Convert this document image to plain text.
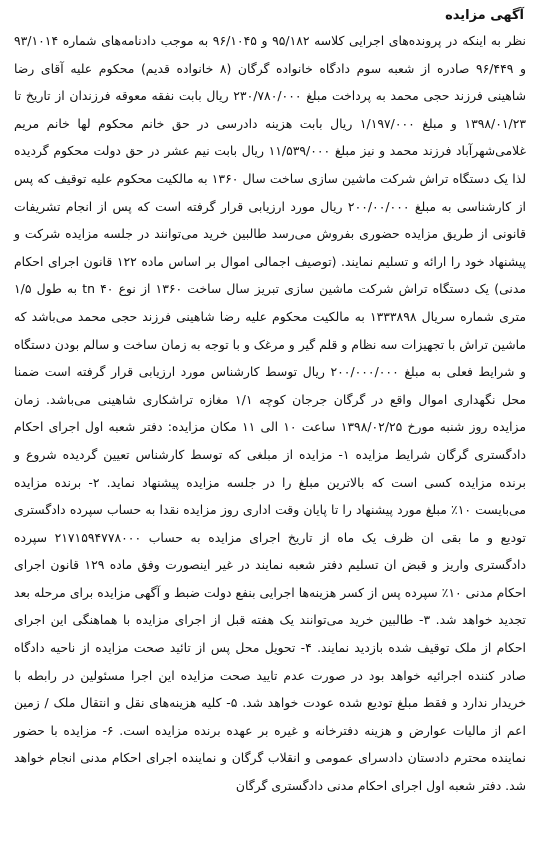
آگهی مزایده

نظر به اینکه در پرونده‌های اجرایی کلاسه ۹۵/۱۸۲ و ۹۶/۱۰۴۵ به موجب دادنامه‌های شماره ۹۳/۱۰۱۴ و ۹۶/۴۴۹ صادره از شعبه سوم دادگاه خانواده گرگان (۸ خانواده قدیم) محکوم علیه آقای رضا شاهینی فرزند حجی محمد به پرداخت مبلغ ۲۳۰/۷۸۰/۰۰۰ ریال بابت نفقه معوقه فرزندان از تاریخ تا ۱۳۹۸/۰۱/۲۳ و مبلغ ۱/۱۹۷/۰۰۰ ریال بابت هزینه دادرسی در حق خانم محکوم لها خانم مریم غلامی‌شهرآباد فرزند محمد و نیز مبلغ ۱۱/۵۳۹/۰۰۰ ریال بابت نیم عشر در حق دولت محکوم گردیده لذا یک دستگاه تراش شرکت ماشین سازی ساخت سال ۱۳۶۰ به مالکیت محکوم علیه توقیف که پس از کارشناسی به مبلغ ۲۰۰/۰۰/۰۰۰ ریال مورد ارزیابی قرار گرفته است که پس از انجام تشریفات قانونی از طریق مزایده حضوری بفروش می‌رسد طالبین خرید می‌توانند در جلسه مزایده شرکت و پیشنهاد خود را ارائه و تسلیم نمایند. (توصیف اجمالی اموال بر اساس ماده ۱۲۲ قانون اجرای احکام مدنی) یک دستگاه تراش شرکت ماشین سازی تبریز سال ساخت ۱۳۶۰ از نوع tn ۴۰ به طول ۱/۵ متری شماره سریال ۱۳۳۳۸۹۸ به مالکیت محکوم علیه رضا شاهینی فرزند حجی محمد می‌باشد که ماشین تراش با تجهیزات سه نظام و قلم گیر و مرغک و با توجه به زمان ساخت و سالم بودن دستگاه و شرایط فعلی به مبلغ ۲۰۰/۰۰۰/۰۰۰ ریال توسط کارشناس مورد ارزیابی قرار گرفته است ضمنا محل نگهداری اموال واقع در گرگان جرجان کوچه ۱/۱ مغازه تراشکاری شاهینی می‌باشد. زمان مزایده روز شنبه مورخ ۱۳۹۸/۰۲/۲۵ ساعت ۱۰ الی ۱۱ مکان مزایده: دفتر شعبه اول اجرای احکام دادگستری گرگان شرایط مزایده ۱- مزایده از مبلغی که توسط کارشناس تعیین گردیده شروع و برنده مزایده کسی است که بالاترین مبلغ را در جلسه مزایده پیشنهاد نماید. ۲- برنده مزایده می‌بایست ۱۰٪ مبلغ مورد پیشنهاد را تا پایان وقت اداری روز مزایده نقدا به حساب سپرده دادگستری تودیع و ما بقی ان ظرف یک ماه از تاریخ اجرای مزایده به حساب ۲۱۷۱۵۹۴۷۷۸۰۰۰ سپرده دادگستری واریز و قبض ان تسلیم دفتر شعبه نمایند در غیر اینصورت وفق ماده ۱۲۹ قانون اجرای احکام مدنی ۱۰٪ سپرده پس از کسر هزینه‌ها اجرایی بنفع دولت ضبط و آگهی مزایده برای مرحله بعد تجدید خواهد شد. ۳- طالبین خرید می‌توانند یک هفته قبل از اجرای مزایده با هماهنگی این اجرای احکام از ملک توقیف شده بازدید نمایند. ۴- تحویل محل پس از تائید صحت مزایده از ناحیه دادگاه صادر کننده اجرائیه خواهد بود در صورت عدم تایید صحت مزایده این اجرا مسئولین در رابطه با خریدار ندارد و فقط مبلغ تودیع شده عودت خواهد شد. ۵- کلیه هزینه‌های نقل و انتقال ملک / زمین اعم از مالیات عوارض و هزینه دفترخانه و غیره بر عهده برنده مزایده است. ۶- مزایده با حضور نماینده محترم دادستان دادسرای عمومی و انقلاب گرگان و نماینده اجرای احکام مدنی انجام خواهد شد. دفتر شعبه اول اجرای احکام مدنی دادگستری گرگان
